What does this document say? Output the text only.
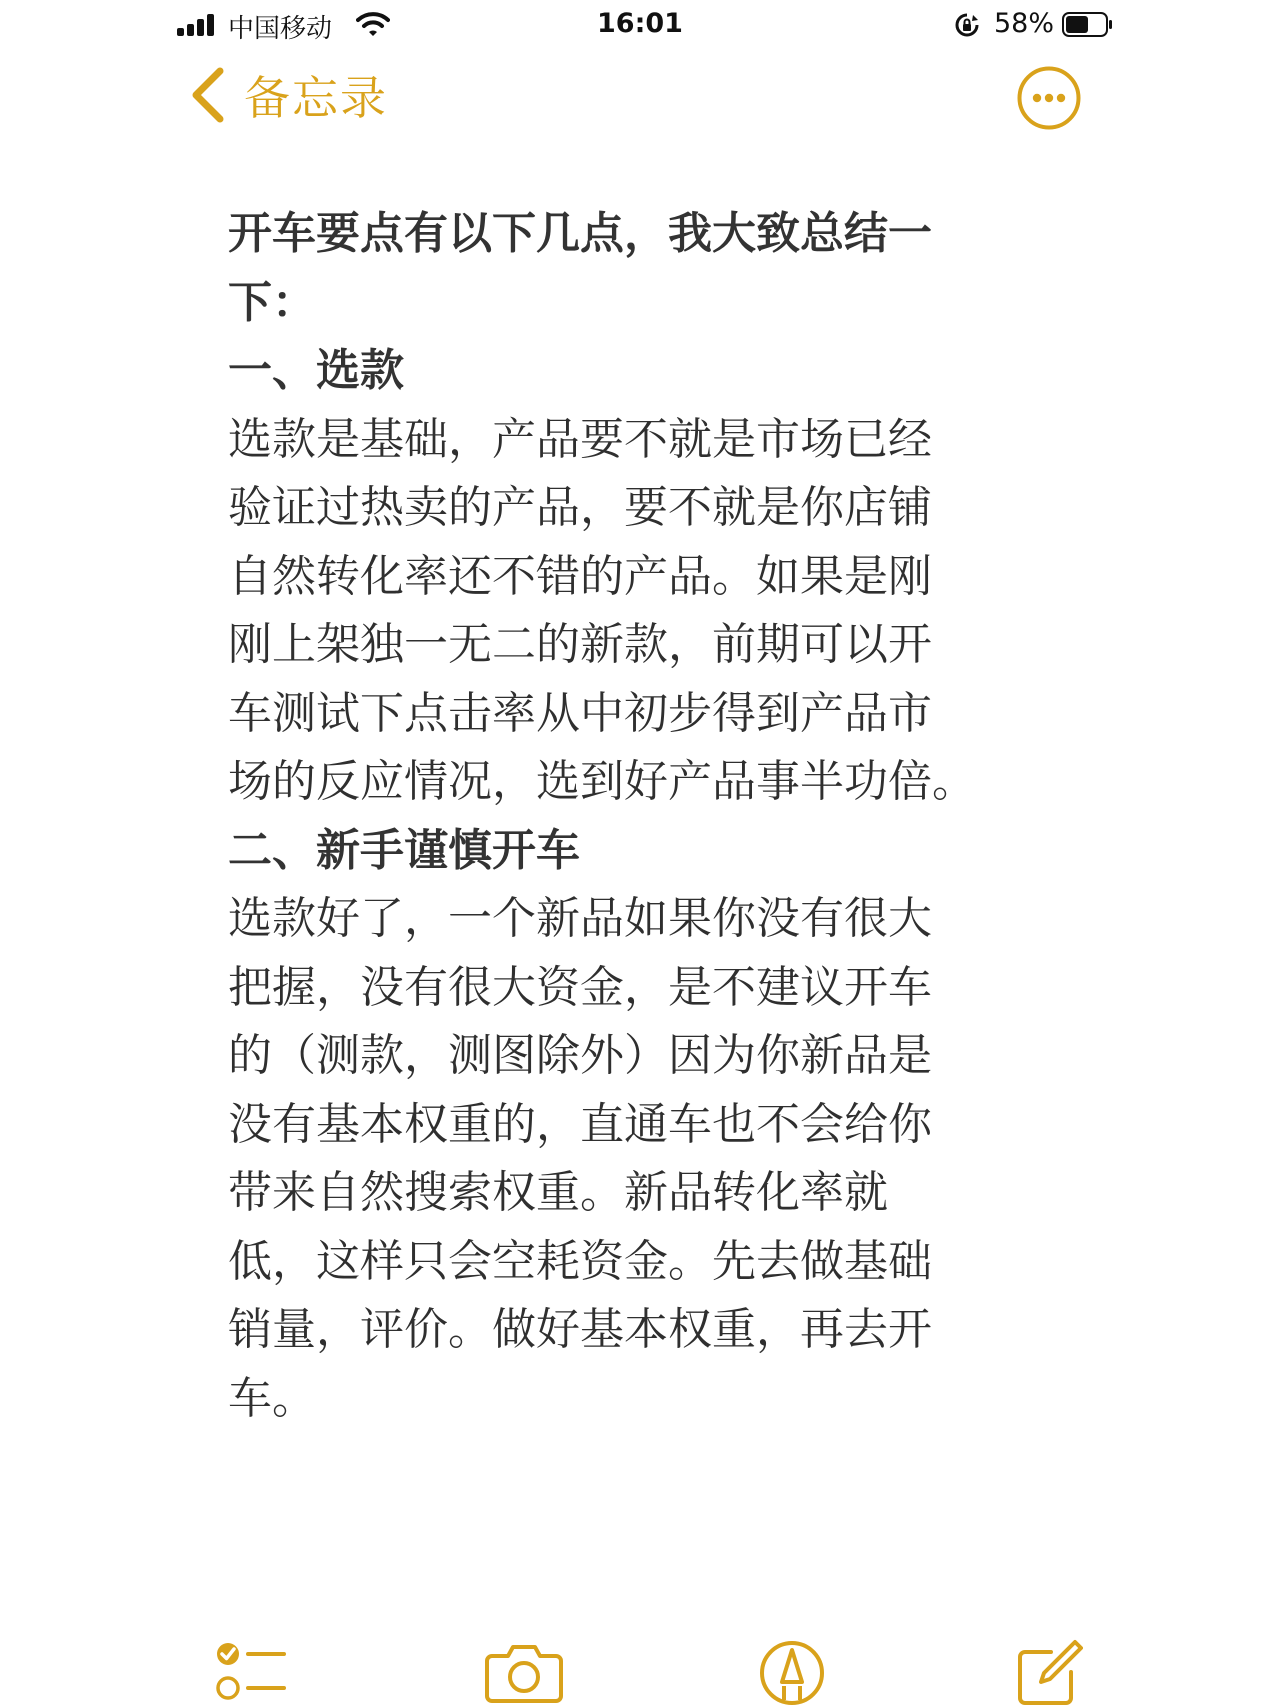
中国移动	16:01	58%
备忘录
开车要点有以下几点，我大致总结一
下：
一、选款
选款是基础，产品要不就是市场已经
验证过热卖的产品，要不就是你店铺
自然转化率还不错的产品。如果是刚
刚上架独一无二的新款，前期可以开
车测试下点击率从中初步得到产品市
场的反应情况，选到好产品事半功倍。
二、新手谨慎开车
选款好了，一个新品如果你没有很大
把握，没有很大资金，是不建议开车
的（测款，测图除外）因为你新品是
没有基本权重的，直通车也不会给你
带来自然搜索权重。新品转化率就
低，这样只会空耗资金。先去做基础
销量，评价。做好基本权重，再去开
车。
